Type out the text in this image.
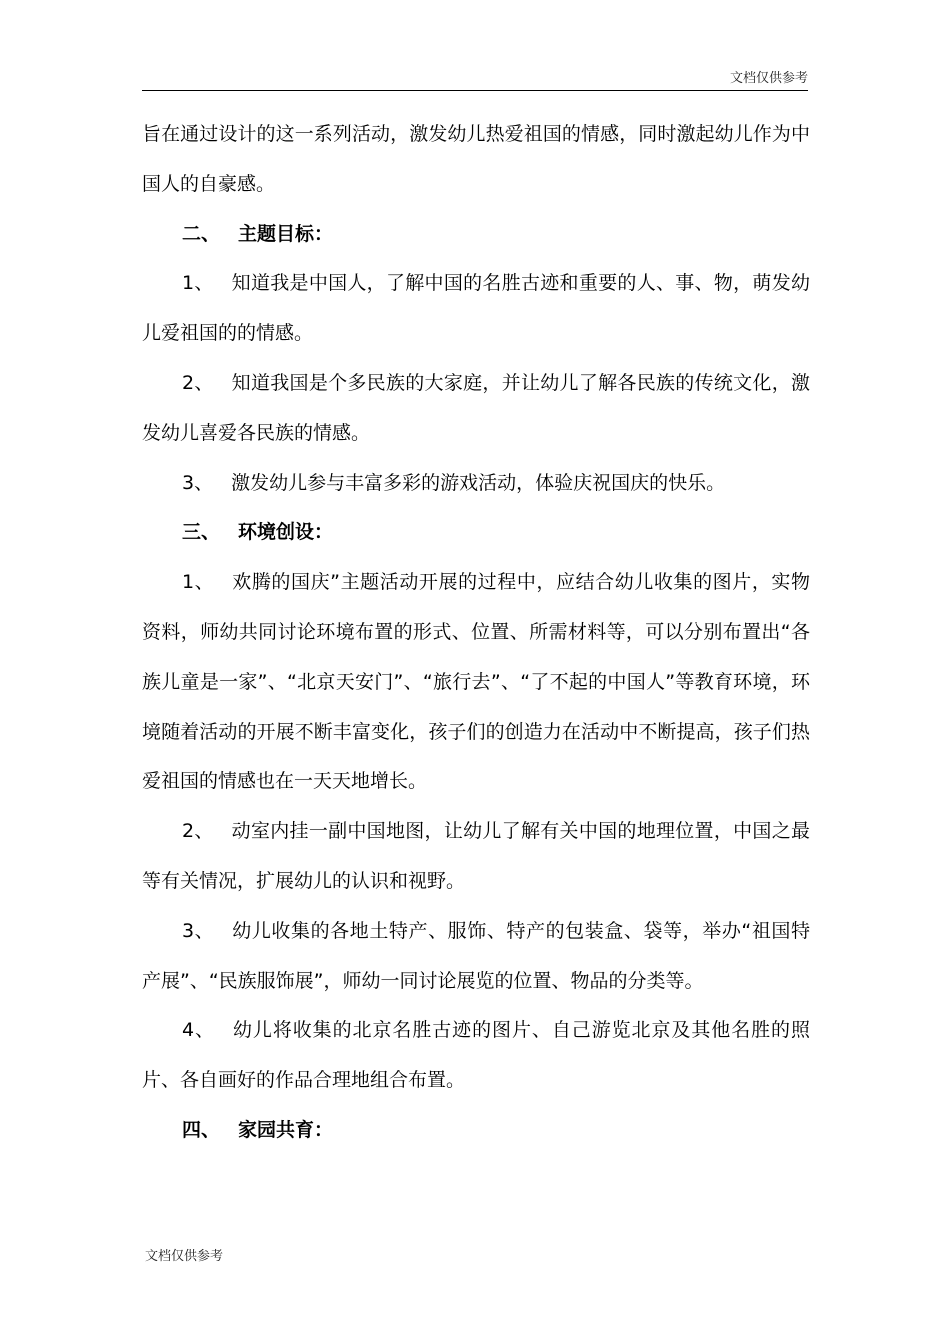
文档仅供参考

旨在通过设计的这一系列活动，激发幼儿热爱祖国的情感，同时激起幼儿作为中国人的自豪感。

二、 主题目标：

1、 知道我是中国人，了解中国的名胜古迹和重要的人、事、物，萌发幼儿爱祖国的的情感。

2、 知道我国是个多民族的大家庭，并让幼儿了解各民族的传统文化，激发幼儿喜爱各民族的情感。

3、 激发幼儿参与丰富多彩的游戏活动，体验庆祝国庆的快乐。

三、 环境创设：

1、 欢腾的国庆”主题活动开展的过程中，应结合幼儿收集的图片，实物资料，师幼共同讨论环境布置的形式、位置、所需材料等，可以分别布置出“各族儿童是一家”、“北京天安门”、“旅行去”、“了不起的中国人”等教育环境，环境随着活动的开展不断丰富变化，孩子们的创造力在活动中不断提高，孩子们热爱祖国的情感也在一天天地增长。

2、 动室内挂一副中国地图，让幼儿了解有关中国的地理位置，中国之最等有关情况，扩展幼儿的认识和视野。

3、 幼儿收集的各地土特产、服饰、特产的包装盒、袋等，举办“祖国特产展”、“民族服饰展”，师幼一同讨论展览的位置、物品的分类等。

4、 幼儿将收集的北京名胜古迹的图片、自己游览北京及其他名胜的照片、各自画好的作品合理地组合布置。

四、 家园共育：

文档仅供参考
